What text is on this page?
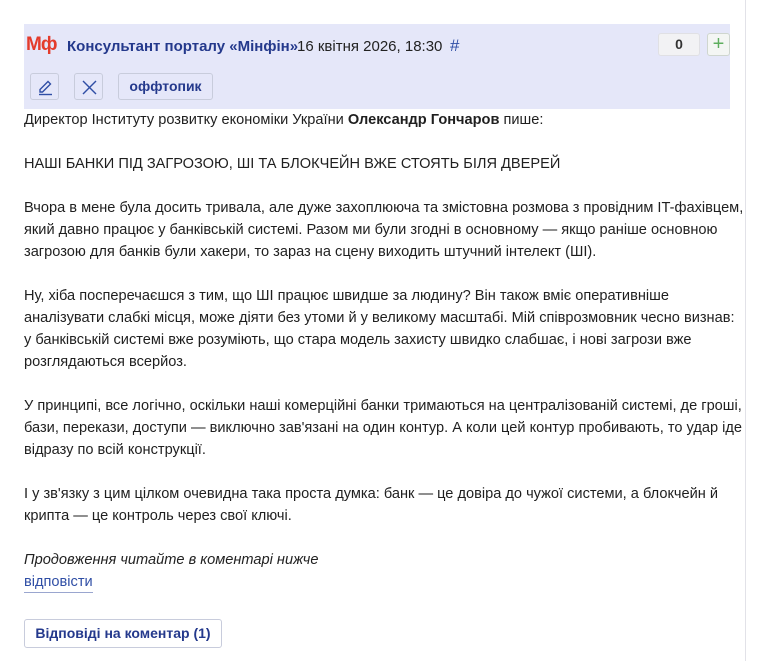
Мф Консультант порталу «Мінфін»
16 квітня 2026, 18:30 #	0	+
оффтопик

Директор Інституту розвитку економіки України Олександр Гончаров пише:

НАШІ БАНКИ ПІД ЗАГРОЗОЮ, ШІ ТА БЛОКЧЕЙН ВЖЕ СТОЯТЬ БІЛЯ ДВЕРЕЙ

Вчора в мене була досить тривала, але дуже захоплююча та змістовна розмова з провідним IT-фахівцем, який давно працює у банківській системі. Разом ми були згодні в основному — якщо раніше основною загрозою для банків були хакери, то зараз на сцену виходить штучний інтелект (ШІ).

Ну, хіба посперечаєшся з тим, що ШІ працює швидше за людину? Він також вміє оперативніше аналізувати слабкі місця, може діяти без утоми й у великому масштабі. Мій співрозмовник чесно визнав: у банківській системі вже розуміють, що стара модель захисту швидко слабшає, і нові загрози вже розглядаються всерйоз.

У принципі, все логічно, оскільки наші комерційні банки тримаються на централізованій системі, де гроші, бази, перекази, доступи — виключно зав'язані на один контур. А коли цей контур пробивають, то удар іде відразу по всій конструкції.

І у зв'язку з цим цілком очевидна така проста думка: банк — це довіра до чужої системи, а блокчейн й крипта — це контроль через свої ключі.

Продовження читайте в коментарі нижче

відповісти
Відповіді на коментар (1)
